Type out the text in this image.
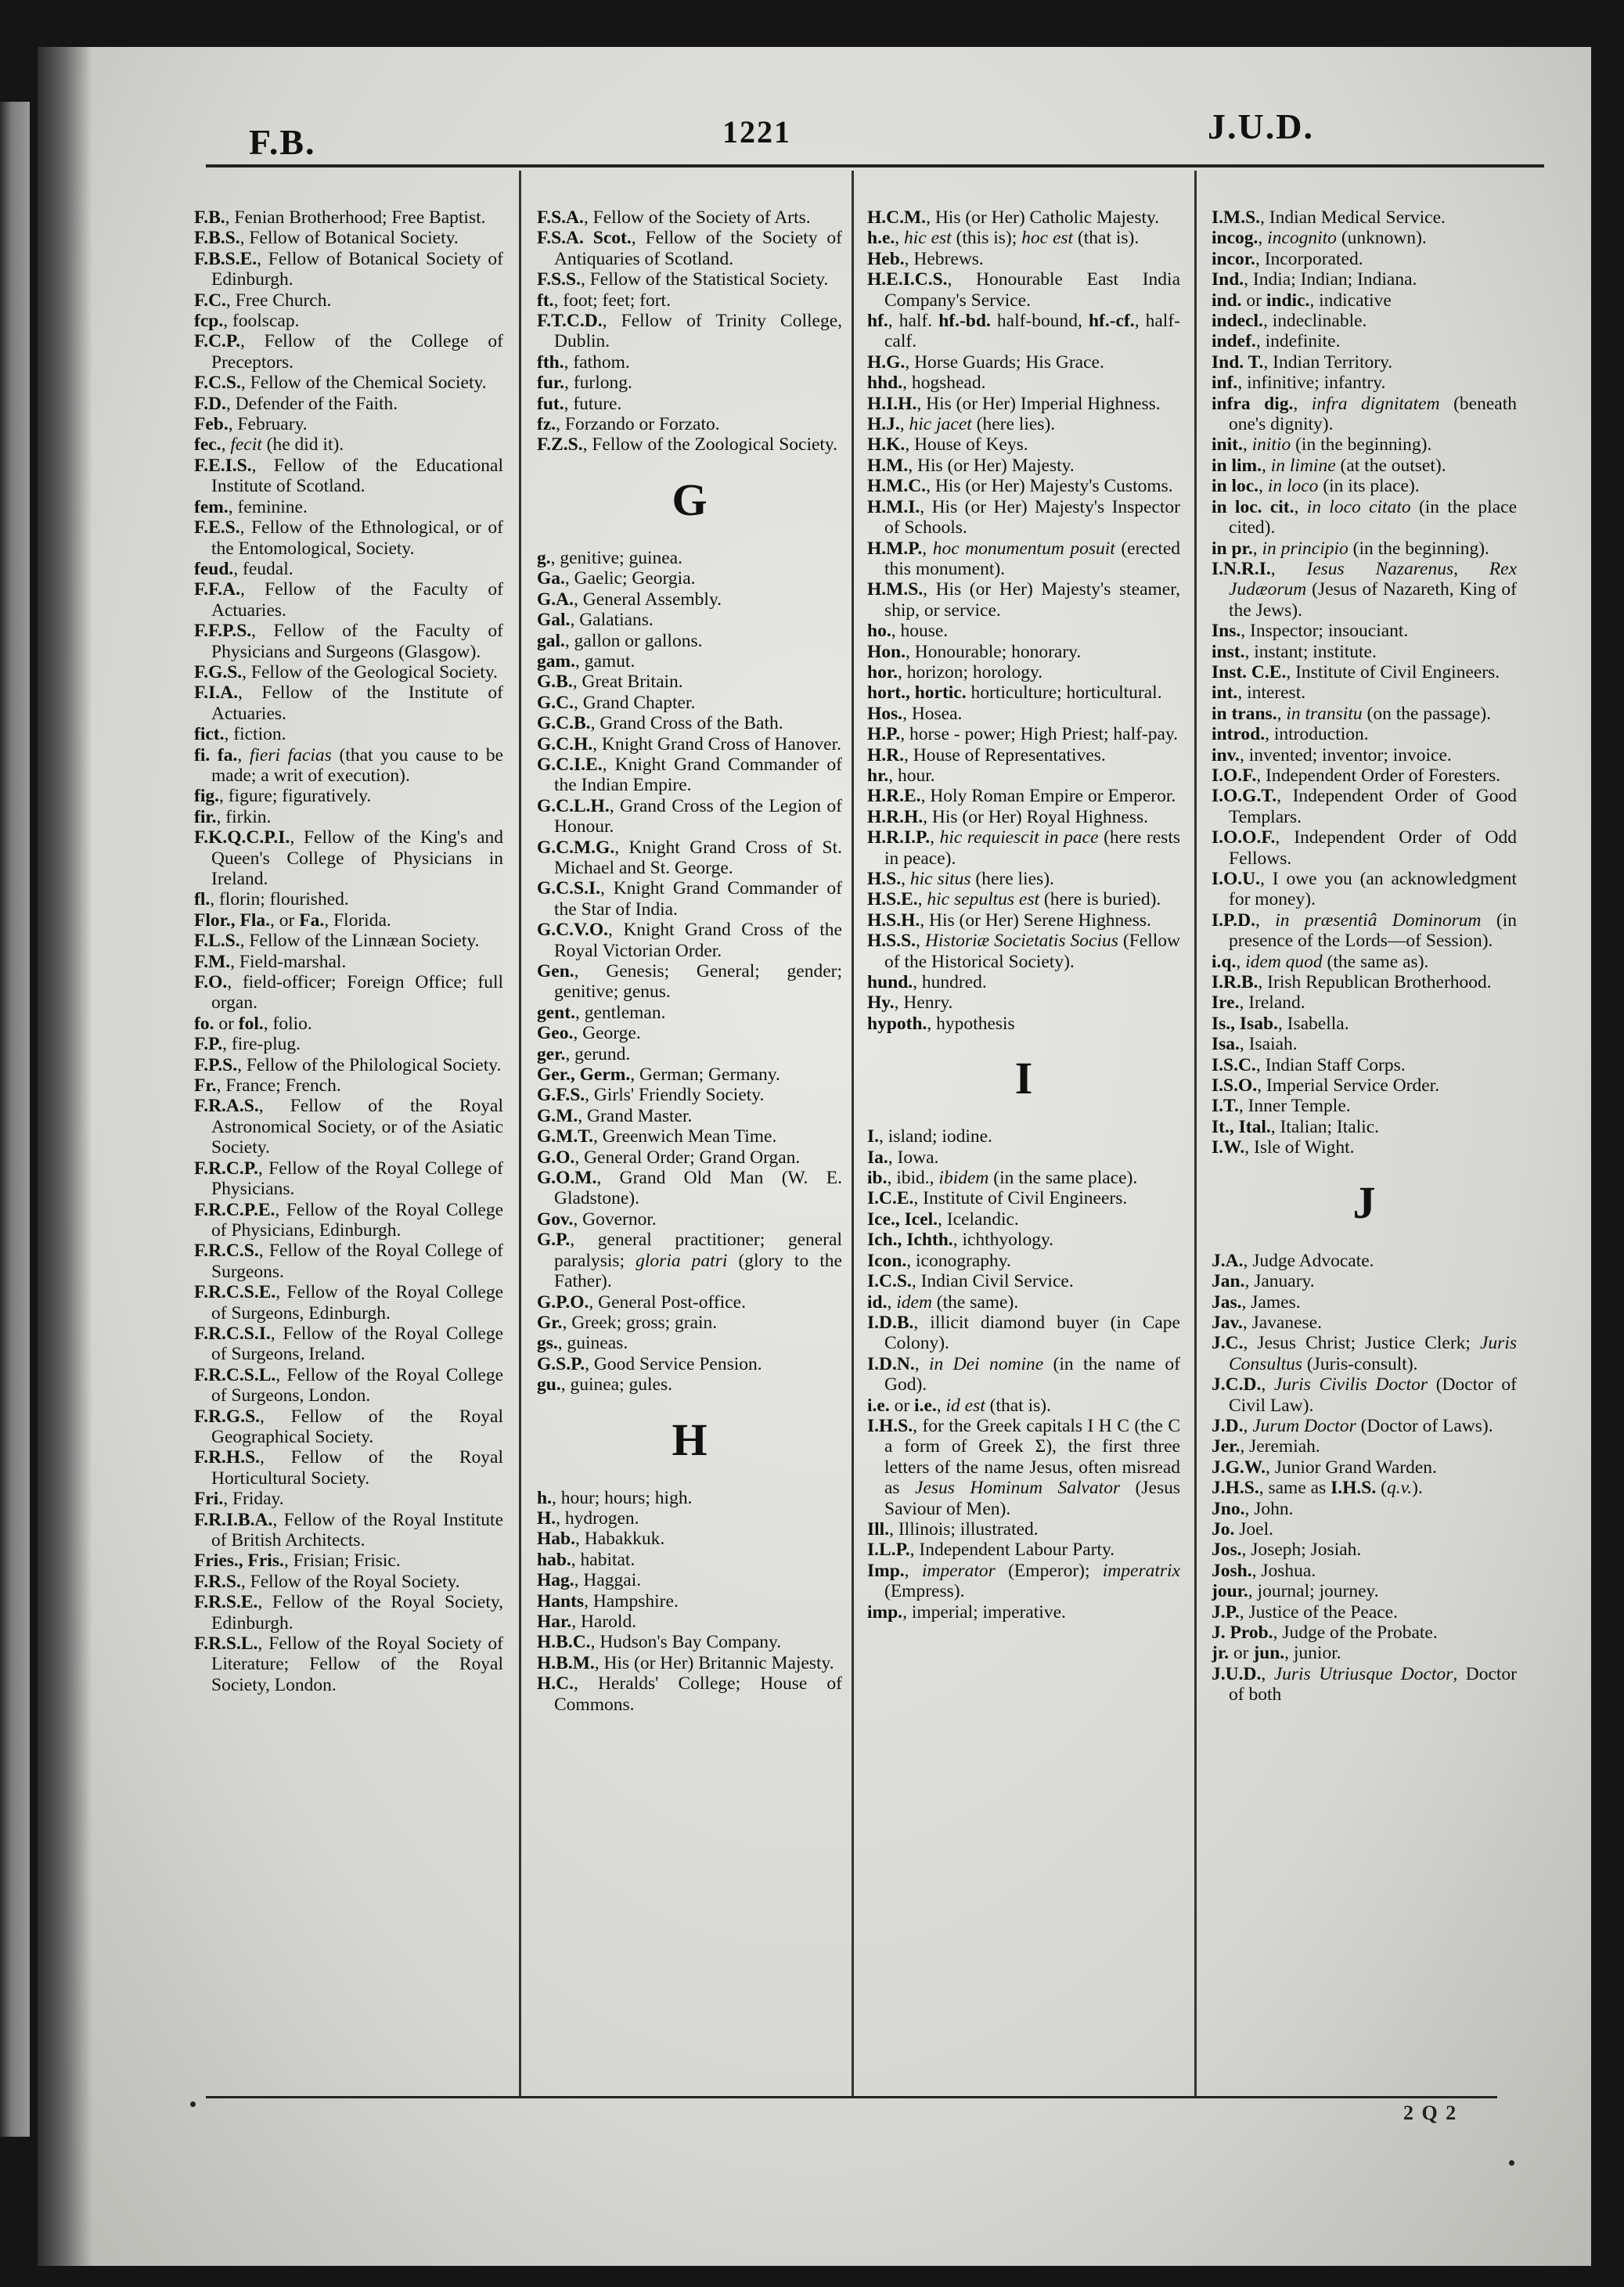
F.B.	1221	J.U.D.
F.B., Fenian Brotherhood; Free Baptist.
F.B.S., Fellow of Botanical Society.
F.B.S.E., Fellow of Botanical Society of Edinburgh.
F.C., Free Church.
fcp., foolscap.
F.C.P., Fellow of the College of Preceptors.
F.C.S., Fellow of the Chemical Society.
F.D., Defender of the Faith.
Feb., February.
fec., fecit (he did it).
F.E.I.S., Fellow of the Educational Institute of Scotland.
fem., feminine.
F.E.S., Fellow of the Ethnological, or of the Entomological, Society.
feud., feudal.
F.F.A., Fellow of the Faculty of Actuaries.
F.F.P.S., Fellow of the Faculty of Physicians and Surgeons (Glasgow).
F.G.S., Fellow of the Geological Society.
F.I.A., Fellow of the Institute of Actuaries.
fict., fiction.
fi. fa., fieri facias (that you cause to be made; a writ of execution).
fig., figure; figuratively.
fir., firkin.
F.K.Q.C.P.I., Fellow of the King's and Queen's College of Physicians in Ireland.
fl., florin; flourished.
Flor., Fla., or Fa., Florida.
F.L.S., Fellow of the Linnæan Society.
F.M., Field-marshal.
F.O., field-officer; Foreign Office; full organ.
fo. or fol., folio.
F.P., fire-plug.
F.P.S., Fellow of the Philological Society.
Fr., France; French.
F.R.A.S., Fellow of the Royal Astronomical Society, or of the Asiatic Society.
F.R.C.P., Fellow of the Royal College of Physicians.
F.R.C.P.E., Fellow of the Royal College of Physicians, Edinburgh.
F.R.C.S., Fellow of the Royal College of Surgeons.
F.R.C.S.E., Fellow of the Royal College of Surgeons, Edinburgh.
F.R.C.S.I., Fellow of the Royal College of Surgeons, Ireland.
F.R.C.S.L., Fellow of the Royal College of Surgeons, London.
F.R.G.S., Fellow of the Royal Geographical Society.
F.R.H.S., Fellow of the Royal Horticultural Society.
Fri., Friday.
F.R.I.B.A., Fellow of the Royal Institute of British Architects.
Fries., Fris., Frisian; Frisic.
F.R.S., Fellow of the Royal Society.
F.R.S.E., Fellow of the Royal Society, Edinburgh.
F.R.S.L., Fellow of the Royal Society of Literature; Fellow of the Royal Society, London.
F.S.A., Fellow of the Society of Arts.
F.S.A. Scot., Fellow of the Society of Antiquaries of Scotland.
F.S.S., Fellow of the Statistical Society.
ft., foot; feet; fort.
F.T.C.D., Fellow of Trinity College, Dublin.
fth., fathom.
fur., furlong.
fut., future.
fz., Forzando or Forzato.
F.Z.S., Fellow of the Zoological Society.
G
g., genitive; guinea.
Ga., Gaelic; Georgia.
G.A., General Assembly.
Gal., Galatians.
gal., gallon or gallons.
gam., gamut.
G.B., Great Britain.
G.C., Grand Chapter.
G.C.B., Grand Cross of the Bath.
G.C.H., Knight Grand Cross of Hanover.
G.C.I.E., Knight Grand Commander of the Indian Empire.
G.C.L.H., Grand Cross of the Legion of Honour.
G.C.M.G., Knight Grand Cross of St. Michael and St. George.
G.C.S.I., Knight Grand Commander of the Star of India.
G.C.V.O., Knight Grand Cross of the Royal Victorian Order.
Gen., Genesis; General; gender; genitive; genus.
gent., gentleman.
Geo., George.
ger., gerund.
Ger., Germ., German; Germany.
G.F.S., Girls' Friendly Society.
G.M., Grand Master.
G.M.T., Greenwich Mean Time.
G.O., General Order; Grand Organ.
G.O.M., Grand Old Man (W. E. Gladstone).
Gov., Governor.
G.P., general practitioner; general paralysis; gloria patri (glory to the Father).
G.P.O., General Post-office.
Gr., Greek; gross; grain.
gs., guineas.
G.S.P., Good Service Pension.
gu., guinea; gules.
H
h., hour; hours; high.
H., hydrogen.
Hab., Habakkuk.
hab., habitat.
Hag., Haggai.
Hants, Hampshire.
Har., Harold.
H.B.C., Hudson's Bay Company.
H.B.M., His (or Her) Britannic Majesty.
H.C., Heralds' College; House of Commons.
H.C.M., His (or Her) Catholic Majesty.
h.e., hic est (this is); hoc est (that is).
Heb., Hebrews.
H.E.I.C.S., Honourable East India Company's Service.
hf., half. hf.-bd. half-bound, hf.-cf., half-calf.
H.G., Horse Guards; His Grace.
hhd., hogshead.
H.I.H., His (or Her) Imperial Highness.
H.J., hic jacet (here lies).
H.K., House of Keys.
H.M., His (or Her) Majesty.
H.M.C., His (or Her) Majesty's Customs.
H.M.I., His (or Her) Majesty's Inspector of Schools.
H.M.P., hoc monumentum posuit (erected this monument).
H.M.S., His (or Her) Majesty's steamer, ship, or service.
ho., house.
Hon., Honourable; honorary.
hor., horizon; horology.
hort., hortic. horticulture; horticultural.
Hos., Hosea.
H.P., horse - power; High Priest; half-pay.
H.R., House of Representatives.
hr., hour.
H.R.E., Holy Roman Empire or Emperor.
H.R.H., His (or Her) Royal Highness.
H.R.I.P., hic requiescit in pace (here rests in peace).
H.S., hic situs (here lies).
H.S.E., hic sepultus est (here is buried).
H.S.H., His (or Her) Serene Highness.
H.S.S., Historiæ Societatis Socius (Fellow of the Historical Society).
hund., hundred.
Hy., Henry.
hypoth., hypothesis
I
I., island; iodine.
Ia., Iowa.
ib., ibid., ibidem (in the same place).
I.C.E., Institute of Civil Engineers.
Ice., Icel., Icelandic.
Ich., Ichth., ichthyology.
Icon., iconography.
I.C.S., Indian Civil Service.
id., idem (the same).
I.D.B., illicit diamond buyer (in Cape Colony).
I.D.N., in Dei nomine (in the name of God).
i.e. or i.e., id est (that is).
I.H.S., for the Greek capitals I H C (the C a form of Greek Σ), the first three letters of the name Jesus, often misread as Jesus Hominum Salvator (Jesus Saviour of Men).
Ill., Illinois; illustrated.
I.L.P., Independent Labour Party.
Imp., imperator (Emperor); imperatrix (Empress).
imp., imperial; imperative.
I.M.S., Indian Medical Service.
incog., incognito (unknown).
incor., Incorporated.
Ind., India; Indian; Indiana.
ind. or indic., indicative
indecl., indeclinable.
indef., indefinite.
Ind. T., Indian Territory.
inf., infinitive; infantry.
infra dig., infra dignitatem (beneath one's dignity).
init., initio (in the beginning).
in lim., in limine (at the outset).
in loc., in loco (in its place).
in loc. cit., in loco citato (in the place cited).
in pr., in principio (in the beginning).
I.N.R.I., Iesus Nazarenus, Rex Judæorum (Jesus of Nazareth, King of the Jews).
Ins., Inspector; insouciant.
inst., instant; institute.
Inst. C.E., Institute of Civil Engineers.
int., interest.
in trans., in transitu (on the passage).
introd., introduction.
inv., invented; inventor; invoice.
I.O.F., Independent Order of Foresters.
I.O.G.T., Independent Order of Good Templars.
I.O.O.F., Independent Order of Odd Fellows.
I.O.U., I owe you (an acknowledgment for money).
I.P.D., in præsentiâ Dominorum (in presence of the Lords—of Session).
i.q., idem quod (the same as).
I.R.B., Irish Republican Brotherhood.
Ire., Ireland.
Is., Isab., Isabella.
Isa., Isaiah.
I.S.C., Indian Staff Corps.
I.S.O., Imperial Service Order.
I.T., Inner Temple.
It., Ital., Italian; Italic.
I.W., Isle of Wight.
J
J.A., Judge Advocate.
Jan., January.
Jas., James.
Jav., Javanese.
J.C., Jesus Christ; Justice Clerk; Juris Consultus (Juris-consult).
J.C.D., Juris Civilis Doctor (Doctor of Civil Law).
J.D., Jurum Doctor (Doctor of Laws).
Jer., Jeremiah.
J.G.W., Junior Grand Warden.
J.H.S., same as I.H.S. (q.v.).
Jno., John.
Jo. Joel.
Jos., Joseph; Josiah.
Josh., Joshua.
jour., journal; journey.
J.P., Justice of the Peace.
J. Prob., Judge of the Probate.
jr. or jun., junior.
J.U.D., Juris Utriusque Doctor, Doctor of both
2 Q 2
